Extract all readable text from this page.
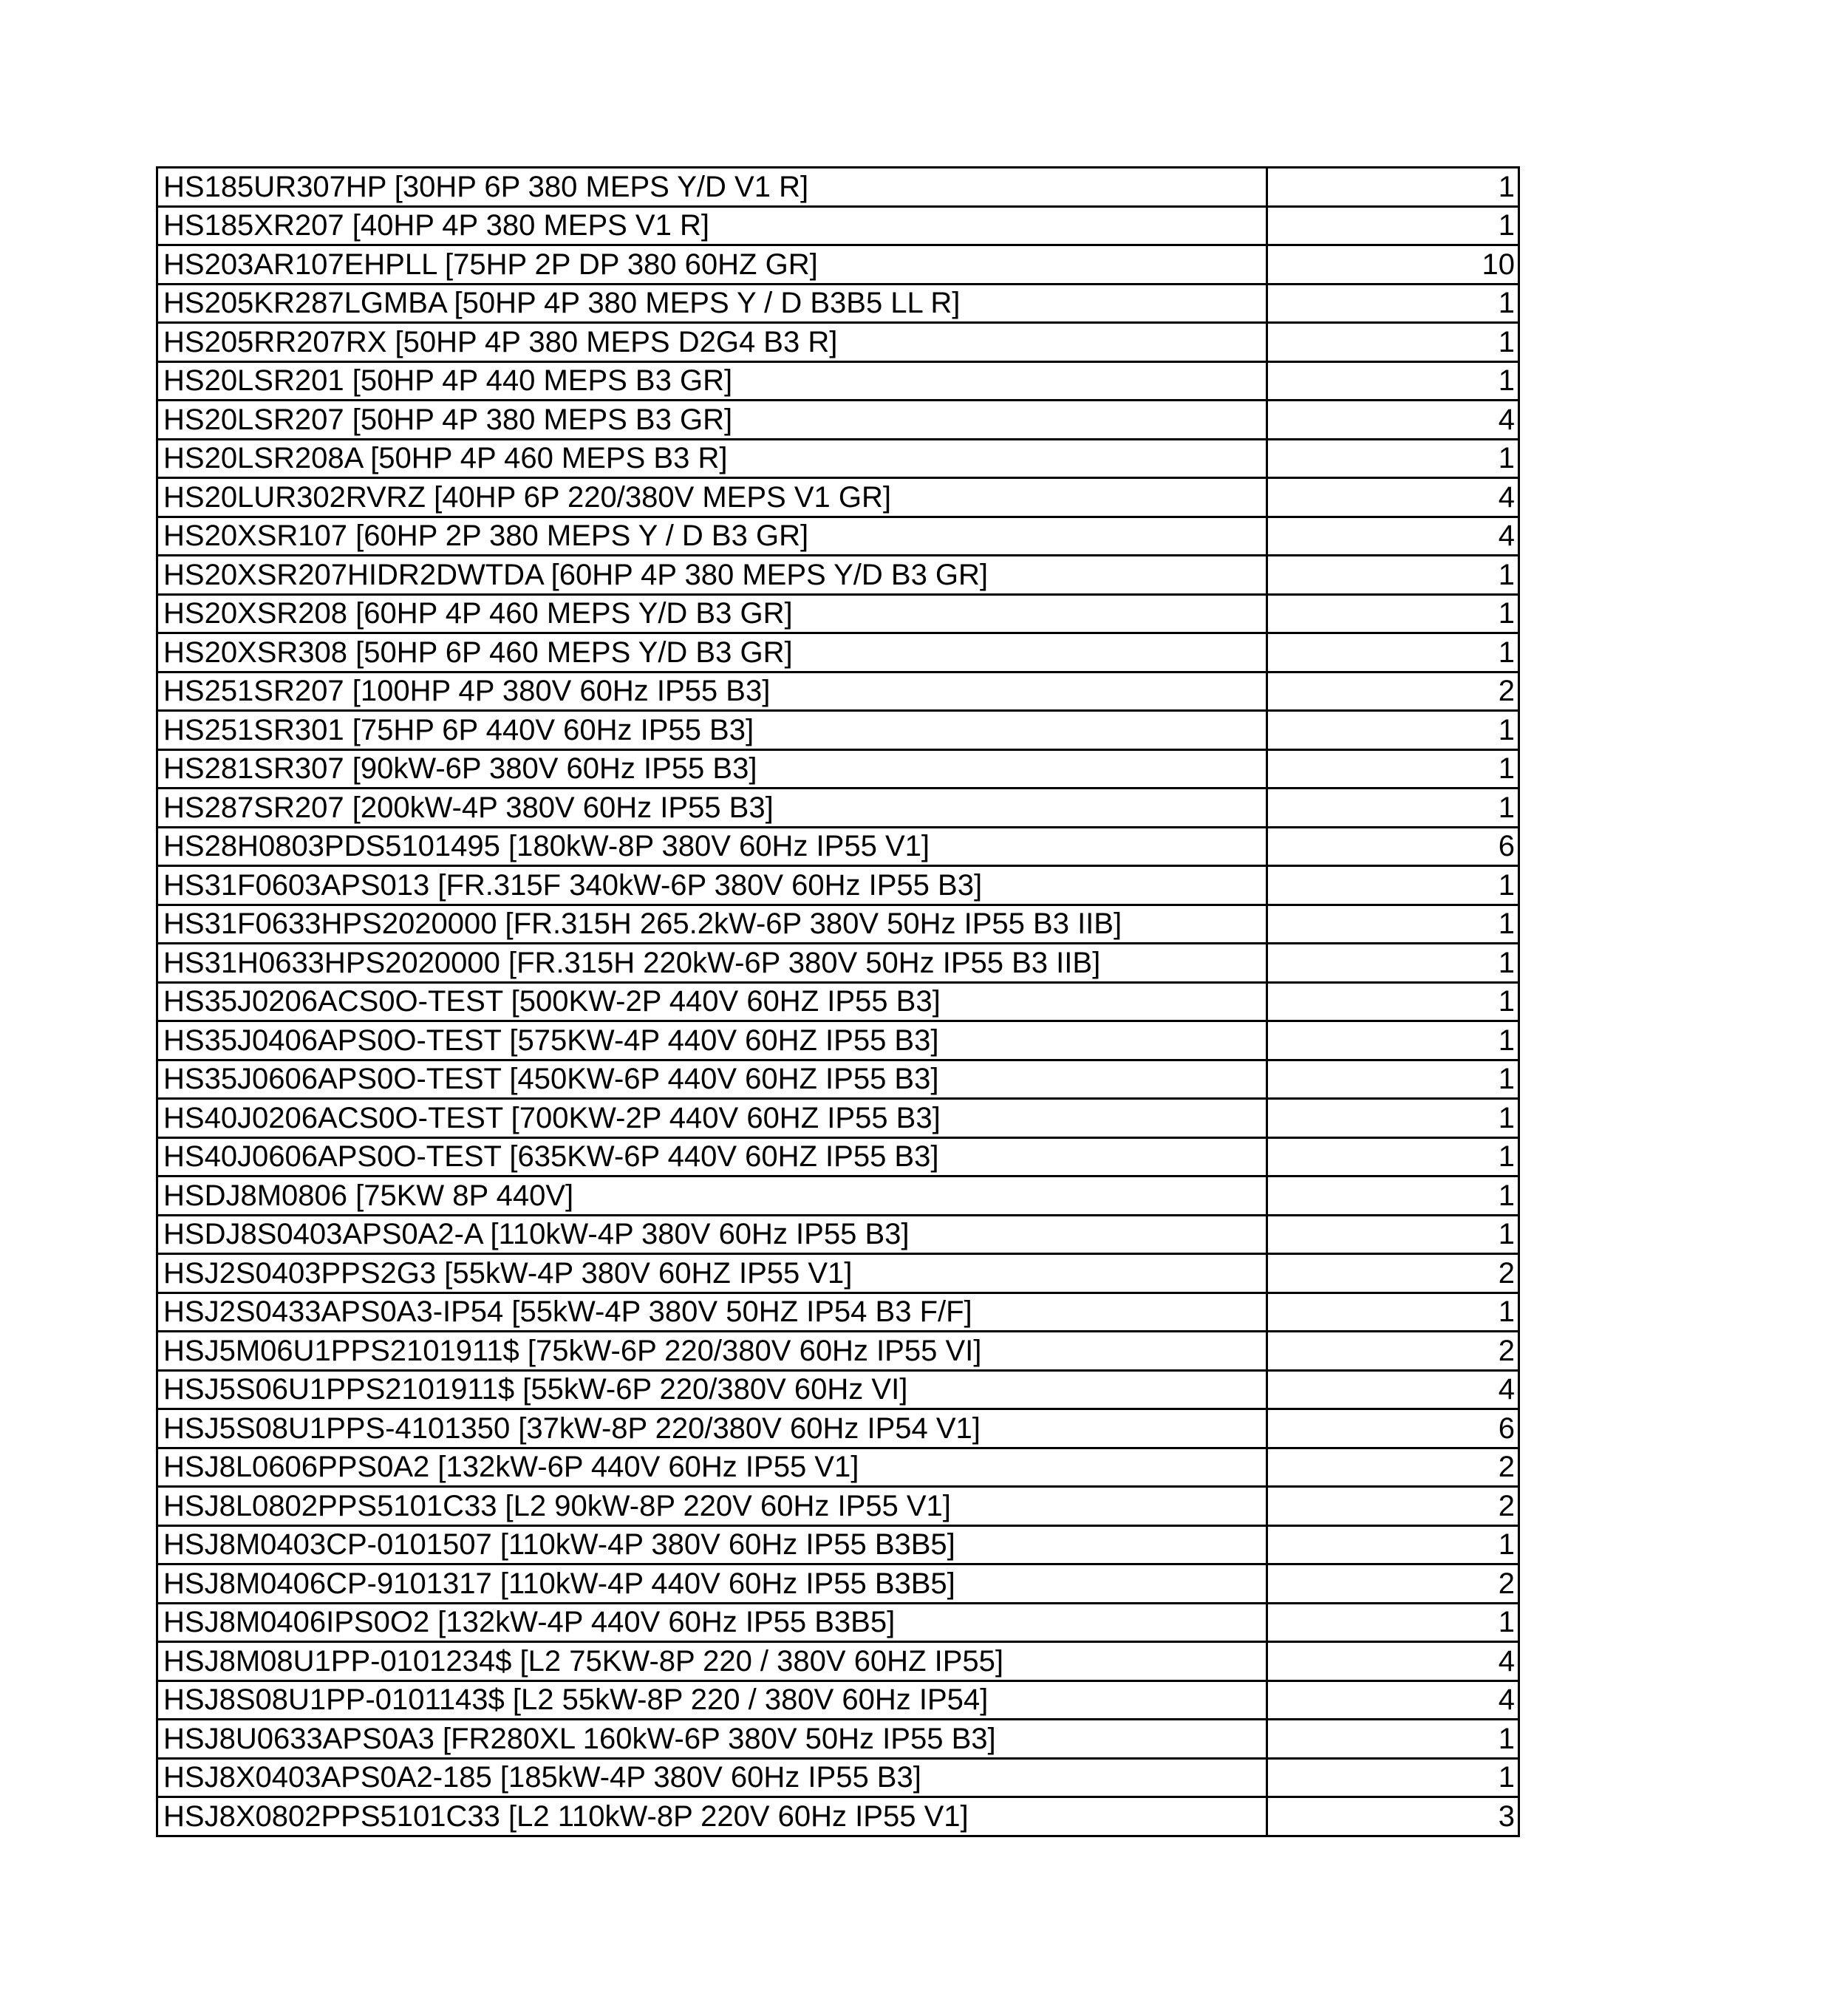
HS185UR307HP [30HP 6P 380 MEPS Y/D V1 R]	1
HS185XR207 [40HP 4P 380 MEPS V1 R]	1
HS203AR107EHPLL [75HP 2P DP 380 60HZ GR]	10
HS205KR287LGMBA [50HP 4P 380 MEPS Y / D B3B5 LL R]	1
HS205RR207RX [50HP 4P 380 MEPS D2G4 B3 R]	1
HS20LSR201 [50HP 4P 440 MEPS B3 GR]	1
HS20LSR207 [50HP 4P 380 MEPS B3 GR]	4
HS20LSR208A [50HP 4P 460 MEPS B3 R]	1
HS20LUR302RVRZ [40HP 6P 220/380V MEPS V1 GR]	4
HS20XSR107 [60HP 2P 380 MEPS Y / D B3 GR]	4
HS20XSR207HIDR2DWTDA [60HP 4P 380 MEPS Y/D B3 GR]	1
HS20XSR208 [60HP 4P 460 MEPS Y/D B3 GR]	1
HS20XSR308 [50HP 6P 460 MEPS Y/D B3 GR]	1
HS251SR207 [100HP 4P 380V 60Hz IP55 B3]	2
HS251SR301 [75HP 6P 440V 60Hz IP55 B3]	1
HS281SR307 [90kW-6P 380V 60Hz IP55 B3]	1
HS287SR207 [200kW-4P 380V 60Hz IP55 B3]	1
HS28H0803PDS5101495 [180kW-8P 380V 60Hz IP55 V1]	6
HS31F0603APS013 [FR.315F 340kW-6P 380V 60Hz IP55 B3]	1
HS31F0633HPS2020000 [FR.315H 265.2kW-6P 380V 50Hz IP55 B3 IIB]	1
HS31H0633HPS2020000 [FR.315H 220kW-6P 380V 50Hz IP55 B3 IIB]	1
HS35J0206ACS0O-TEST [500KW-2P 440V 60HZ IP55 B3]	1
HS35J0406APS0O-TEST [575KW-4P 440V 60HZ IP55 B3]	1
HS35J0606APS0O-TEST [450KW-6P 440V 60HZ IP55 B3]	1
HS40J0206ACS0O-TEST [700KW-2P 440V 60HZ IP55 B3]	1
HS40J0606APS0O-TEST [635KW-6P 440V 60HZ IP55 B3]	1
HSDJ8M0806 [75KW 8P 440V]	1
HSDJ8S0403APS0A2-A [110kW-4P 380V 60Hz IP55 B3]	1
HSJ2S0403PPS2G3 [55kW-4P 380V 60HZ IP55 V1]	2
HSJ2S0433APS0A3-IP54 [55kW-4P 380V 50HZ IP54 B3 F/F]	1
HSJ5M06U1PPS2101911$ [75kW-6P 220/380V 60Hz IP55 VI]	2
HSJ5S06U1PPS2101911$ [55kW-6P 220/380V 60Hz VI]	4
HSJ5S08U1PPS-4101350 [37kW-8P 220/380V 60Hz IP54 V1]	6
HSJ8L0606PPS0A2 [132kW-6P 440V 60Hz IP55 V1]	2
HSJ8L0802PPS5101C33 [L2 90kW-8P 220V 60Hz IP55 V1]	2
HSJ8M0403CP-0101507 [110kW-4P 380V 60Hz IP55 B3B5]	1
HSJ8M0406CP-9101317 [110kW-4P 440V 60Hz IP55 B3B5]	2
HSJ8M0406IPS0O2 [132kW-4P 440V 60Hz IP55 B3B5]	1
HSJ8M08U1PP-0101234$ [L2 75KW-8P 220 / 380V 60HZ IP55]	4
HSJ8S08U1PP-0101143$ [L2 55kW-8P 220 / 380V 60Hz IP54]	4
HSJ8U0633APS0A3 [FR280XL 160kW-6P 380V 50Hz IP55 B3]	1
HSJ8X0403APS0A2-185 [185kW-4P 380V 60Hz IP55 B3]	1
HSJ8X0802PPS5101C33 [L2 110kW-8P 220V 60Hz IP55 V1]	3
